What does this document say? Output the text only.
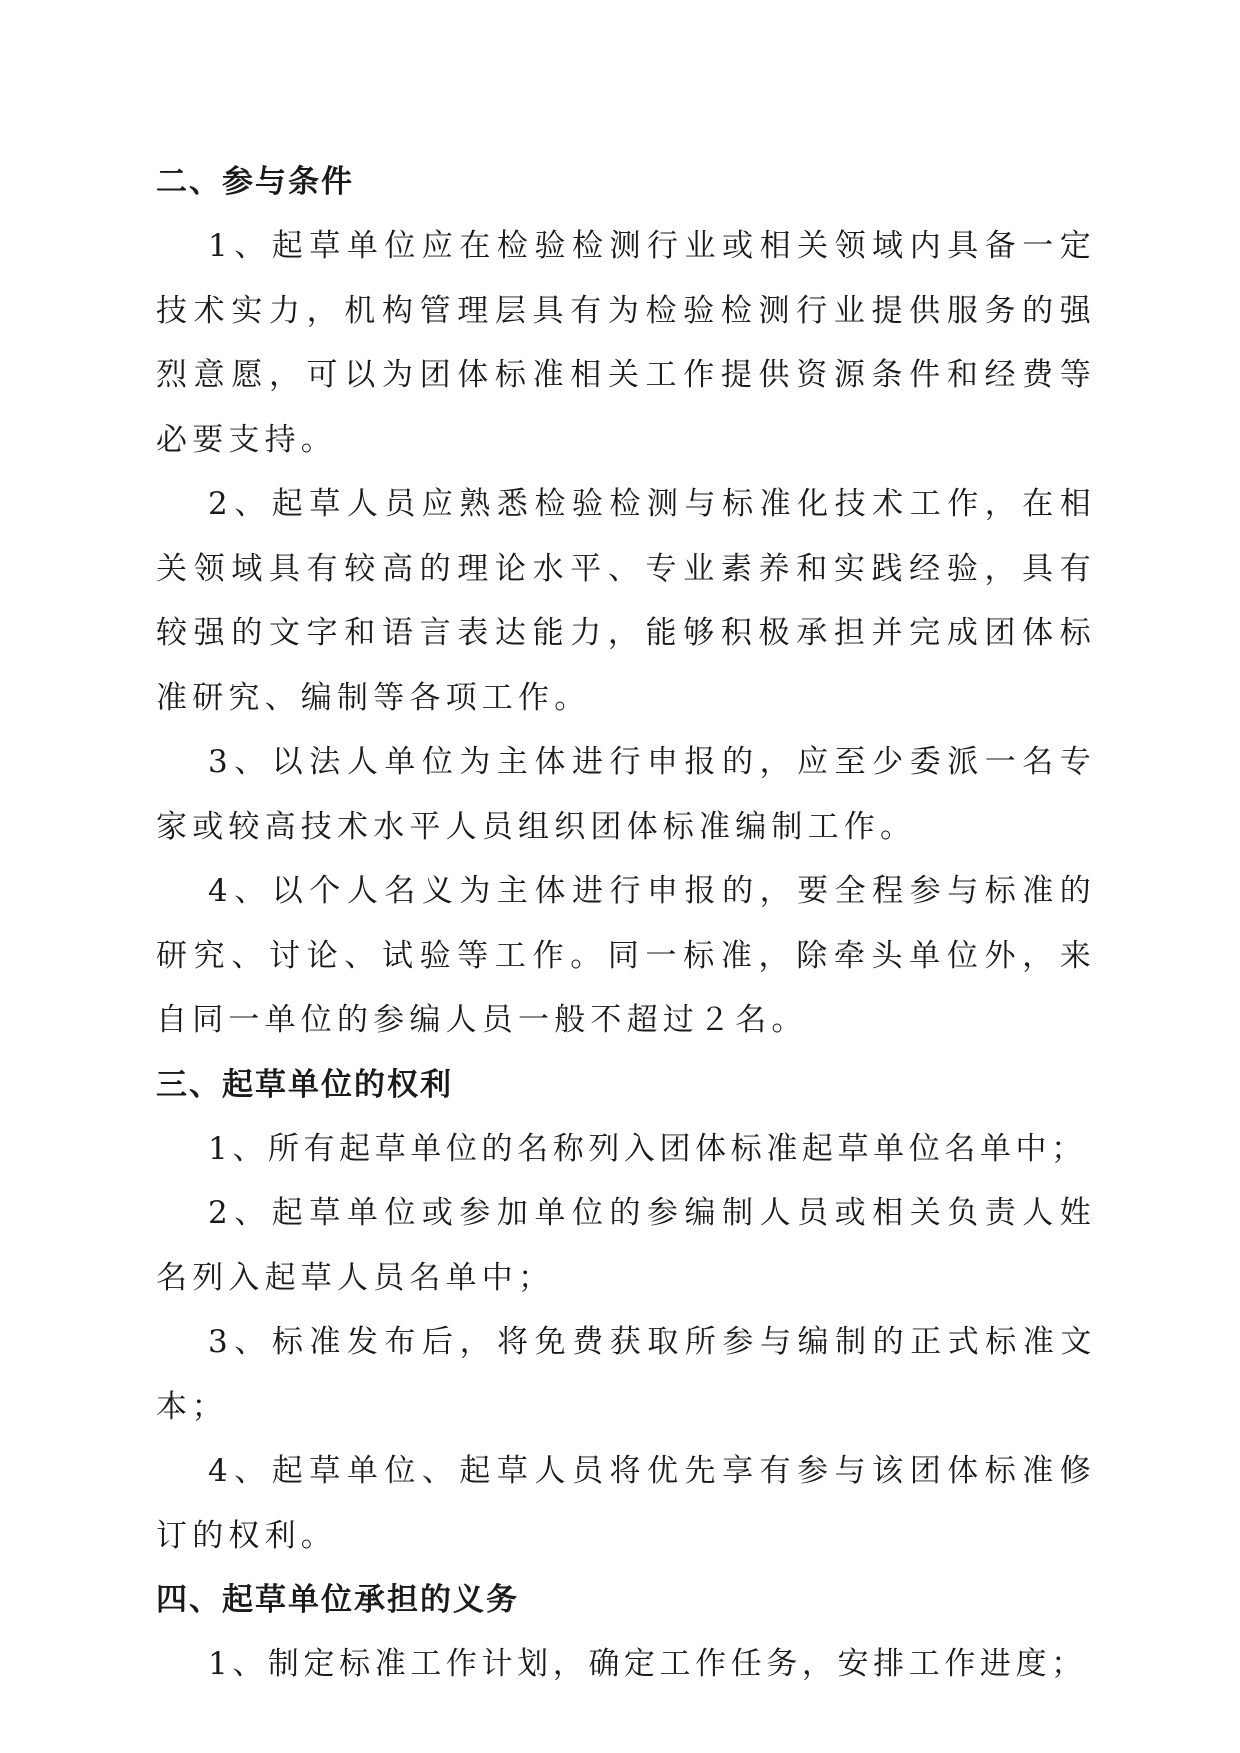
二、参与条件

1、起草单位应在检验检测行业或相关领域内具备一定技术实力，机构管理层具有为检验检测行业提供服务的强烈意愿，可以为团体标准相关工作提供资源条件和经费等必要支持。

2、起草人员应熟悉检验检测与标准化技术工作，在相关领域具有较高的理论水平、专业素养和实践经验，具有较强的文字和语言表达能力，能够积极承担并完成团体标准研究、编制等各项工作。

3、以法人单位为主体进行申报的，应至少委派一名专家或较高技术水平人员组织团体标准编制工作。

4、以个人名义为主体进行申报的，要全程参与标准的研究、讨论、试验等工作。同一标准，除牵头单位外，来自同一单位的参编人员一般不超过２名。

三、起草单位的权利

1、所有起草单位的名称列入团体标准起草单位名单中；

2、起草单位或参加单位的参编制人员或相关负责人姓名列入起草人员名单中；

3、标准发布后，将免费获取所参与编制的正式标准文本；

4、起草单位、起草人员将优先享有参与该团体标准修订的权利。

四、起草单位承担的义务

1、制定标准工作计划，确定工作任务，安排工作进度；
